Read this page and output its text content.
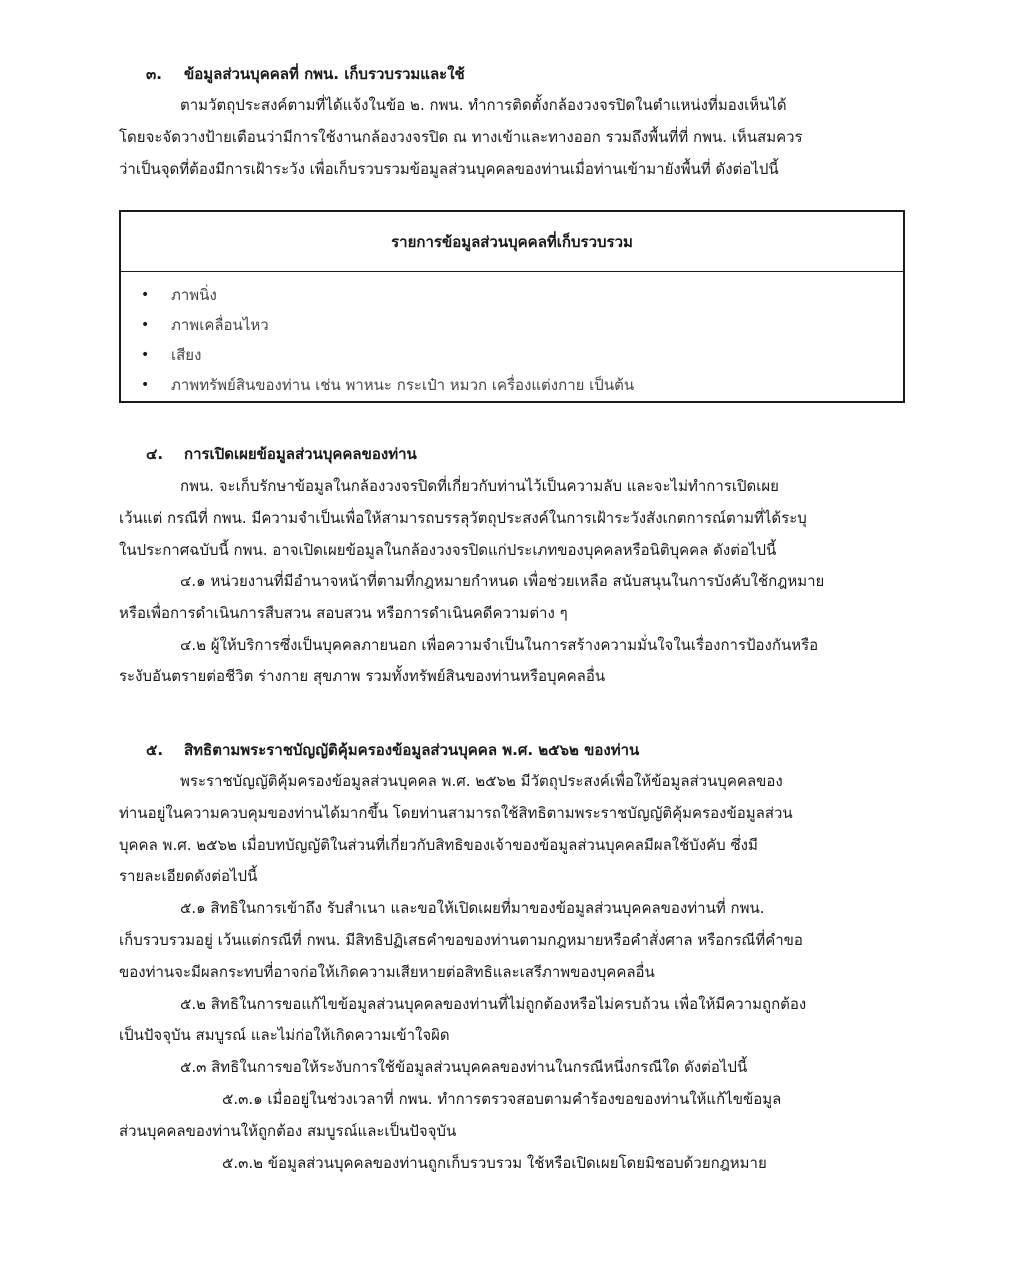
๓. ข้อมูลส่วนบุคคลที่ กพน. เก็บรวบรวมและใช้
ตามวัตถุประสงค์ตามที่ได้แจ้งในข้อ ๒. กพน. ทำการติดตั้งกล้องวงจรปิดในตำแหน่งที่มองเห็นได้
โดยจะจัดวางป้ายเตือนว่ามีการใช้งานกล้องวงจรปิด ณ ทางเข้าและทางออก รวมถึงพื้นที่ที่ กพน. เห็นสมควร
ว่าเป็นจุดที่ต้องมีการเฝ้าระวัง เพื่อเก็บรวบรวมข้อมูลส่วนบุคคลของท่านเมื่อท่านเข้ามายังพื้นที่ ดังต่อไปนี้
รายการข้อมูลส่วนบุคคลที่เก็บรวบรวม
• ภาพนิ่ง
• ภาพเคลื่อนไหว
• เสียง
• ภาพทรัพย์สินของท่าน เช่น พาหนะ กระเป๋า หมวก เครื่องแต่งกาย เป็นต้น
๔. การเปิดเผยข้อมูลส่วนบุคคลของท่าน
กพน. จะเก็บรักษาข้อมูลในกล้องวงจรปิดที่เกี่ยวกับท่านไว้เป็นความลับ และจะไม่ทำการเปิดเผย
เว้นแต่ กรณีที่ กพน. มีความจำเป็นเพื่อให้สามารถบรรลุวัตถุประสงค์ในการเฝ้าระวังสังเกตการณ์ตามที่ได้ระบุ
ในประกาศฉบับนี้ กพน. อาจเปิดเผยข้อมูลในกล้องวงจรปิดแก่ประเภทของบุคคลหรือนิติบุคคล ดังต่อไปนี้
๔.๑ หน่วยงานที่มีอำนาจหน้าที่ตามที่กฎหมายกำหนด เพื่อช่วยเหลือ สนับสนุนในการบังคับใช้กฎหมาย
หรือเพื่อการดำเนินการสืบสวน สอบสวน หรือการดำเนินคดีความต่าง ๆ
๔.๒ ผู้ให้บริการซึ่งเป็นบุคคลภายนอก เพื่อความจำเป็นในการสร้างความมั่นใจในเรื่องการป้องกันหรือ
ระงับอันตรายต่อชีวิต ร่างกาย สุขภาพ รวมทั้งทรัพย์สินของท่านหรือบุคคลอื่น
๕. สิทธิตามพระราชบัญญัติคุ้มครองข้อมูลส่วนบุคคล พ.ศ. ๒๕๖๒ ของท่าน
พระราชบัญญัติคุ้มครองข้อมูลส่วนบุคคล พ.ศ. ๒๕๖๒ มีวัตถุประสงค์เพื่อให้ข้อมูลส่วนบุคคลของ
ท่านอยู่ในความควบคุมของท่านได้มากขึ้น โดยท่านสามารถใช้สิทธิตามพระราชบัญญัติคุ้มครองข้อมูลส่วน
บุคคล พ.ศ. ๒๕๖๒ เมื่อบทบัญญัติในส่วนที่เกี่ยวกับสิทธิของเจ้าของข้อมูลส่วนบุคคลมีผลใช้บังคับ ซึ่งมี
รายละเอียดดังต่อไปนี้
๕.๑ สิทธิในการเข้าถึง รับสำเนา และขอให้เปิดเผยที่มาของข้อมูลส่วนบุคคลของท่านที่ กพน.
เก็บรวบรวมอยู่ เว้นแต่กรณีที่ กพน. มีสิทธิปฏิเสธคำขอของท่านตามกฎหมายหรือคำสั่งศาล หรือกรณีที่คำขอ
ของท่านจะมีผลกระทบที่อาจก่อให้เกิดความเสียหายต่อสิทธิและเสรีภาพของบุคคลอื่น
๕.๒ สิทธิในการขอแก้ไขข้อมูลส่วนบุคคลของท่านที่ไม่ถูกต้องหรือไม่ครบถ้วน เพื่อให้มีความถูกต้อง
เป็นปัจจุบัน สมบูรณ์ และไม่ก่อให้เกิดความเข้าใจผิด
๕.๓ สิทธิในการขอให้ระงับการใช้ข้อมูลส่วนบุคคลของท่านในกรณีหนึ่งกรณีใด ดังต่อไปนี้
๕.๓.๑ เมื่ออยู่ในช่วงเวลาที่ กพน. ทำการตรวจสอบตามคำร้องขอของท่านให้แก้ไขข้อมูล
ส่วนบุคคลของท่านให้ถูกต้อง สมบูรณ์และเป็นปัจจุบัน
๕.๓.๒ ข้อมูลส่วนบุคคลของท่านถูกเก็บรวบรวม ใช้หรือเปิดเผยโดยมิชอบด้วยกฎหมาย
